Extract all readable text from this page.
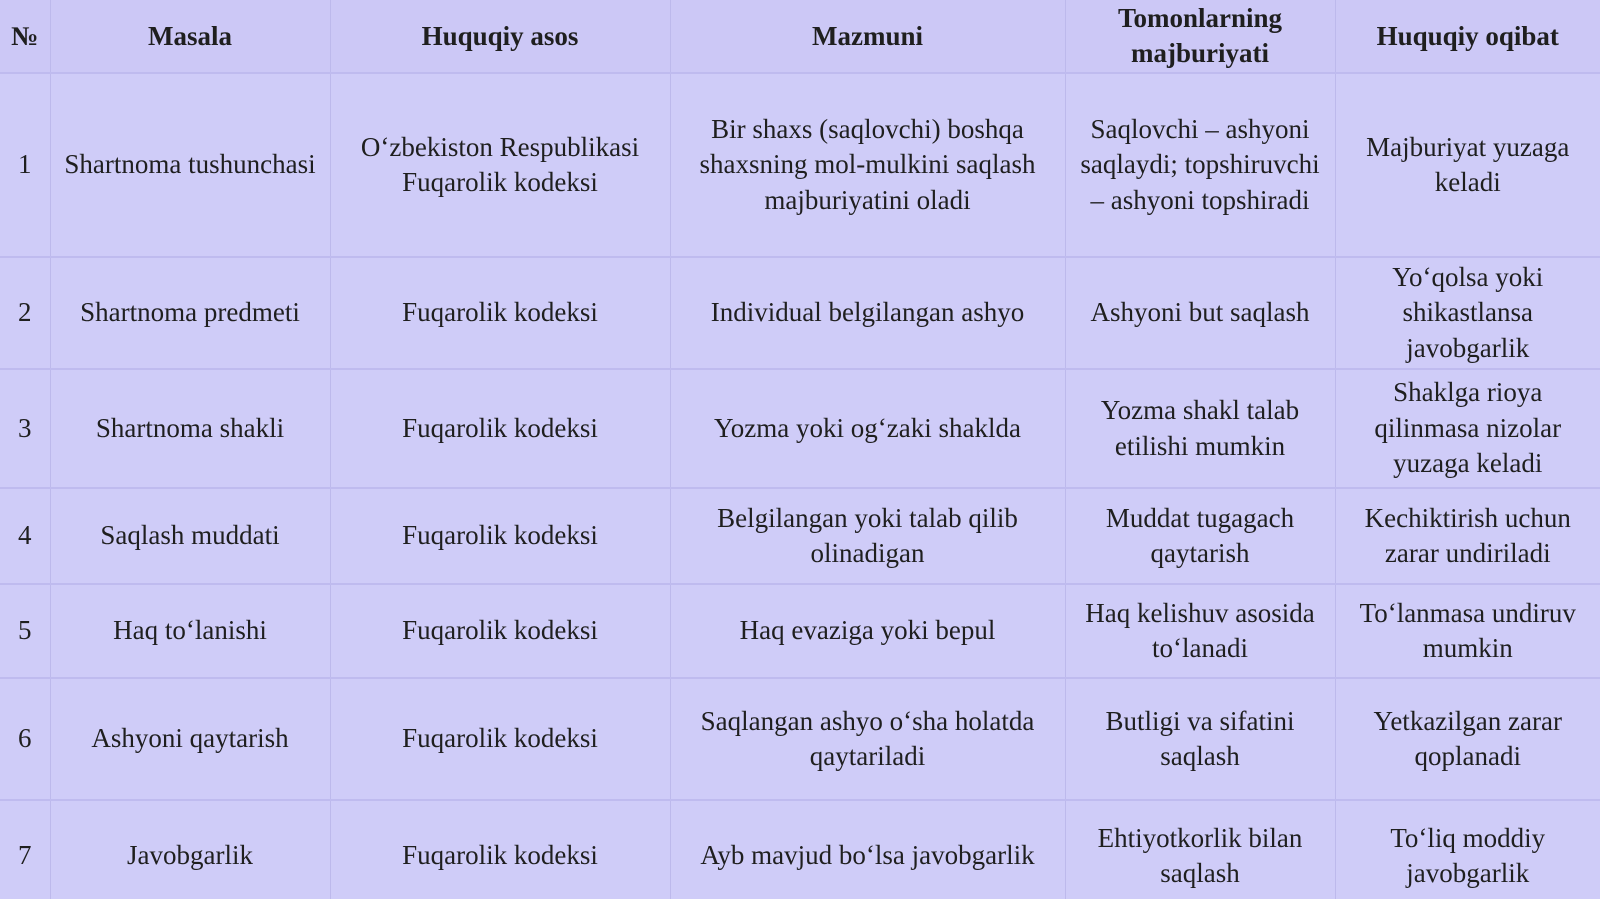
№	Masala	Huquqiy asos	Mazmuni	Tomonlarning majburiyati	Huquqiy oqibat
1	Shartnoma tushunchasi	O‘zbekiston Respublikasi Fuqarolik kodeksi	Bir shaxs (saqlovchi) boshqa shaxsning mol-mulkini saqlash majburiyatini oladi	Saqlovchi – ashyoni saqlaydi; topshiruvchi – ashyoni topshiradi	Majburiyat yuzaga keladi
2	Shartnoma predmeti	Fuqarolik kodeksi	Individual belgilangan ashyo	Ashyoni but saqlash	Yo‘qolsa yoki shikastlansa javobgarlik
3	Shartnoma shakli	Fuqarolik kodeksi	Yozma yoki og‘zaki shaklda	Yozma shakl talab etilishi mumkin	Shaklga rioya qilinmasa nizolar yuzaga keladi
4	Saqlash muddati	Fuqarolik kodeksi	Belgilangan yoki talab qilib olinadigan	Muddat tugagach qaytarish	Kechiktirish uchun zarar undiriladi
5	Haq to‘lanishi	Fuqarolik kodeksi	Haq evaziga yoki bepul	Haq kelishuv asosida to‘lanadi	To‘lanmasa undiruv mumkin
6	Ashyoni qaytarish	Fuqarolik kodeksi	Saqlangan ashyo o‘sha holatda qaytariladi	Butligi va sifatini saqlash	Yetkazilgan zarar qoplanadi
7	Javobgarlik	Fuqarolik kodeksi	Ayb mavjud bo‘lsa javobgarlik	Ehtiyotkorlik bilan saqlash	To‘liq moddiy javobgarlik
